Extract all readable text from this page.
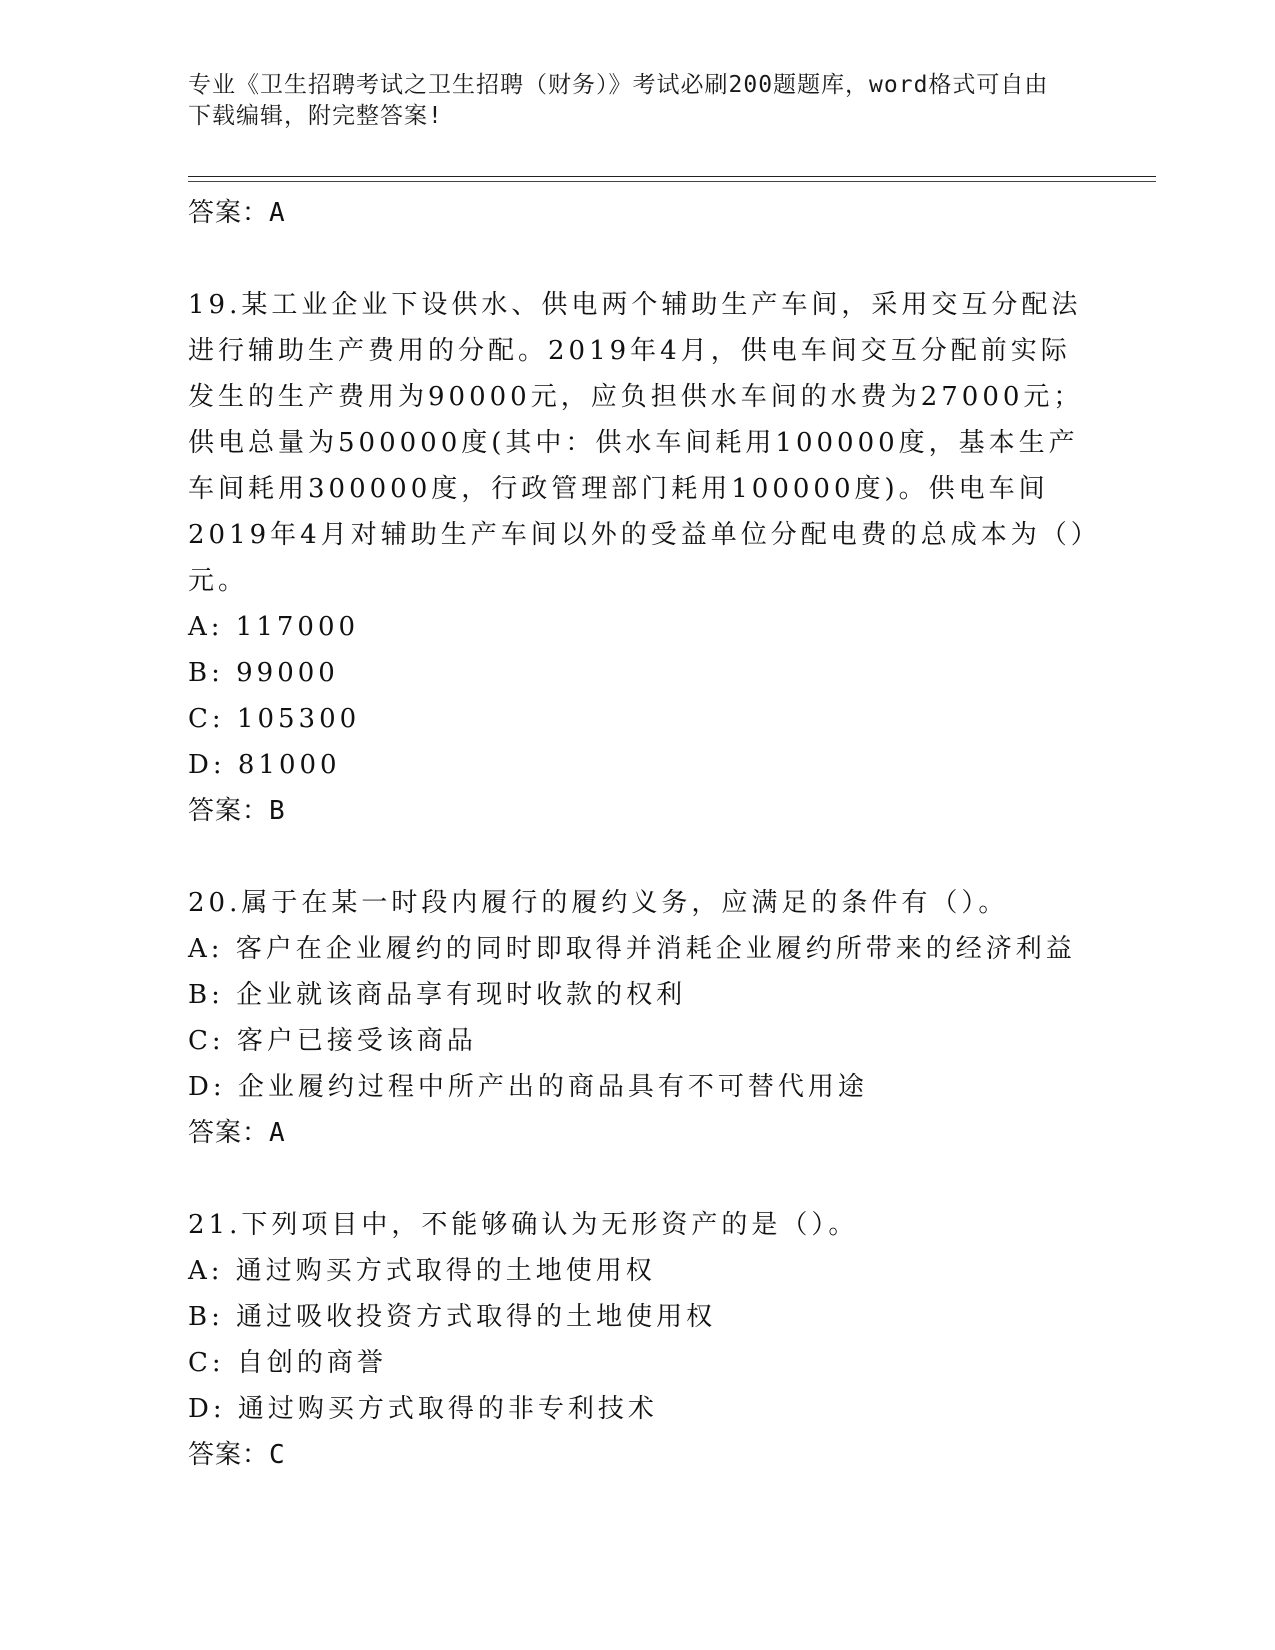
专业《卫生招聘考试之卫生招聘（财务）》考试必刷200题题库，word格式可自由下载编辑，附完整答案!
答案：A

19.某工业企业下设供水、供电两个辅助生产车间，采用交互分配法进行辅助生产费用的分配。2019年4月，供电车间交互分配前实际发生的生产费用为90000元，应负担供水车间的水费为27000元；供电总量为500000度(其中：供水车间耗用100000度，基本生产车间耗用300000度，行政管理部门耗用100000度)。供电车间2019年4月对辅助生产车间以外的受益单位分配电费的总成本为（）元。

A: 117000
B: 99000
C: 105300
D: 81000
答案：B

20.属于在某一时段内履行的履约义务，应满足的条件有（）。

A: 客户在企业履约的同时即取得并消耗企业履约所带来的经济利益
B: 企业就该商品享有现时收款的权利
C: 客户已接受该商品
D: 企业履约过程中所产出的商品具有不可替代用途
答案：A

21.下列项目中，不能够确认为无形资产的是（）。

A: 通过购买方式取得的土地使用权
B: 通过吸收投资方式取得的土地使用权
C: 自创的商誉
D: 通过购买方式取得的非专利技术
答案：C
